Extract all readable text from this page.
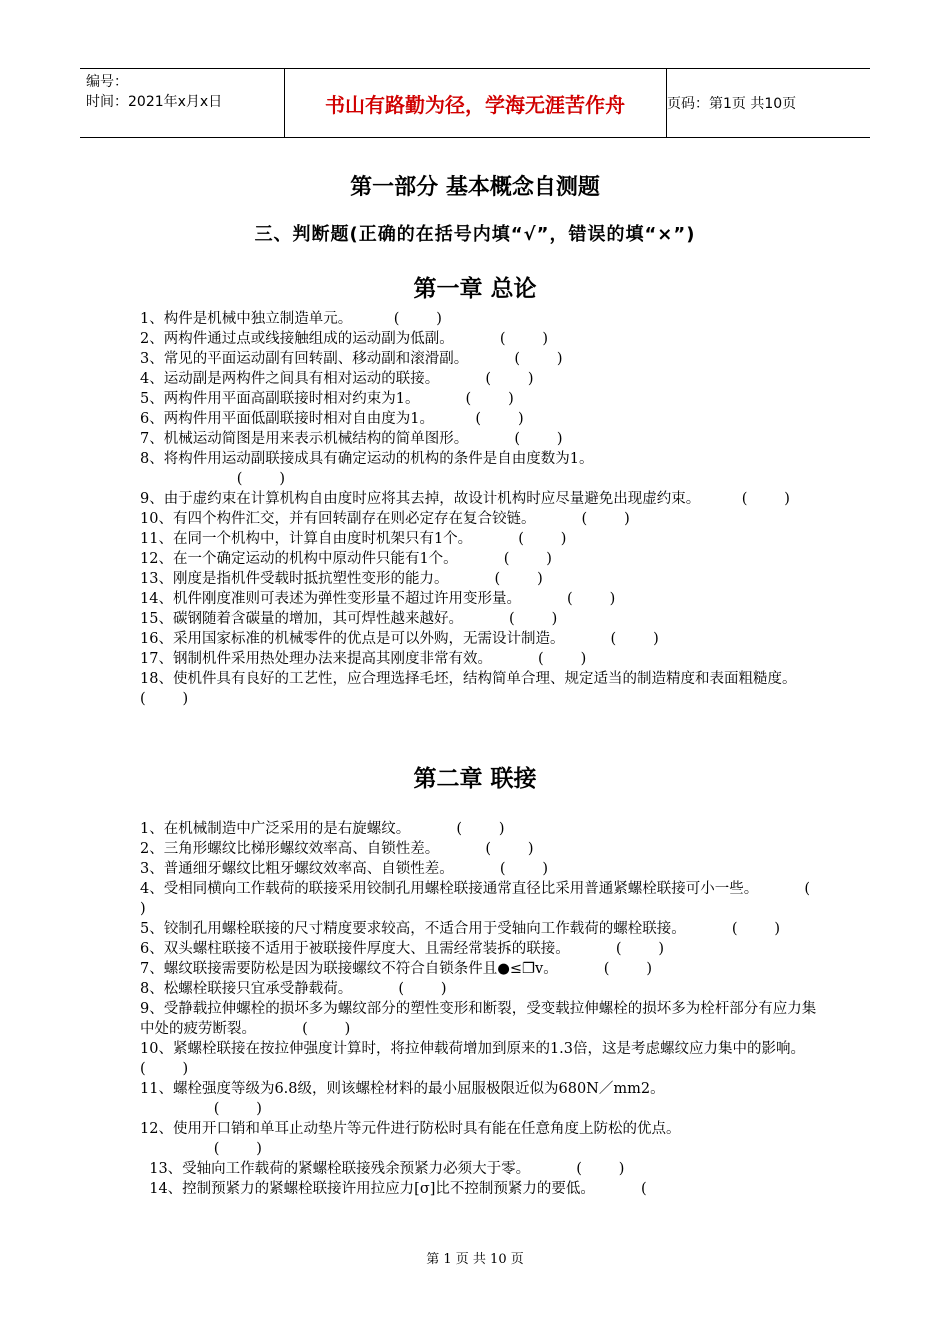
编号：
时间：2021年x月x日	书山有路勤为径，学海无涯苦作舟	页码：第1页 共10页
第一部分 基本概念自测题
三、判断题(正确的在括号内填“√”，错误的填“×”)
第一章 总论
1、构件是机械中独立制造单元。         (        )
2、两构件通过点或线接触组成的运动副为低副。          (        )
3、常见的平面运动副有回转副、移动副和滚滑副。          (        )
4、运动副是两构件之间具有相对运动的联接。          (        )
5、两构件用平面高副联接时相对约束为1。          (        )
6、两构件用平面低副联接时相对自由度为1。         (        )
7、机械运动简图是用来表示机械结构的简单图形。          (        )
8、将构件用运动副联接成具有确定运动的机构的条件是自由度数为1。
(        )
9、由于虚约束在计算机构自由度时应将其去掉，故设计机构时应尽量避免出现虚约束。         (        )
10、有四个构件汇交，并有回转副存在则必定存在复合铰链。          (        )
11、在同一个机构中，计算自由度时机架只有1个。          (        )
12、在一个确定运动的机构中原动件只能有1个。          (        )
13、刚度是指机件受载时抵抗塑性变形的能力。          (        )
14、机件刚度准则可表述为弹性变形量不超过许用变形量。          (        )
15、碳钢随着含碳量的增加，其可焊性越来越好。          (        )
16、采用国家标准的机械零件的优点是可以外购，无需设计制造。          (        )
17、钢制机件采用热处理办法来提高其刚度非常有效。          (        )
18、使机件具有良好的工艺性，应合理选择毛坯，结构简单合理、规定适当的制造精度和表面粗糙度。         (        )
第二章 联接
1、在机械制造中广泛采用的是右旋螺纹。          (        )
2、三角形螺纹比梯形螺纹效率高、自锁性差。          (        )
3、普通细牙螺纹比粗牙螺纹效率高、自锁性差。          (        )
4、受相同横向工作载荷的联接采用铰制孔用螺栓联接通常直径比采用普通紧螺栓联接可小一些。          (        )
5、铰制孔用螺栓联接的尺寸精度要求较高，不适合用于受轴向工作载荷的螺栓联接。          (        )
6、双头螺柱联接不适用于被联接件厚度大、且需经常装拆的联接。          (        )
7、螺纹联接需要防松是因为联接螺纹不符合自锁条件且●≤❐v。          (        )
8、松螺栓联接只宜承受静载荷。          (        )
9、受静载拉伸螺栓的损坏多为螺纹部分的塑性变形和断裂，受变载拉伸螺栓的损坏多为栓杆部分有应力集中处的疲劳断裂。          (        )
10、紧螺栓联接在按拉伸强度计算时，将拉伸载荷增加到原来的1.3倍，这是考虑螺纹应力集中的影响。          (        )
11、螺栓强度等级为6.8级，则该螺栓材料的最小屈服极限近似为680N／mm2。
(        )
12、使用开口销和单耳止动垫片等元件进行防松时具有能在任意角度上防松的优点。
(        )
13、受轴向工作载荷的紧螺栓联接残余预紧力必须大于零。          (        )
14、控制预紧力的紧螺栓联接许用拉应力[σ]比不控制预紧力的要低。          (
第 1 页 共 10 页
